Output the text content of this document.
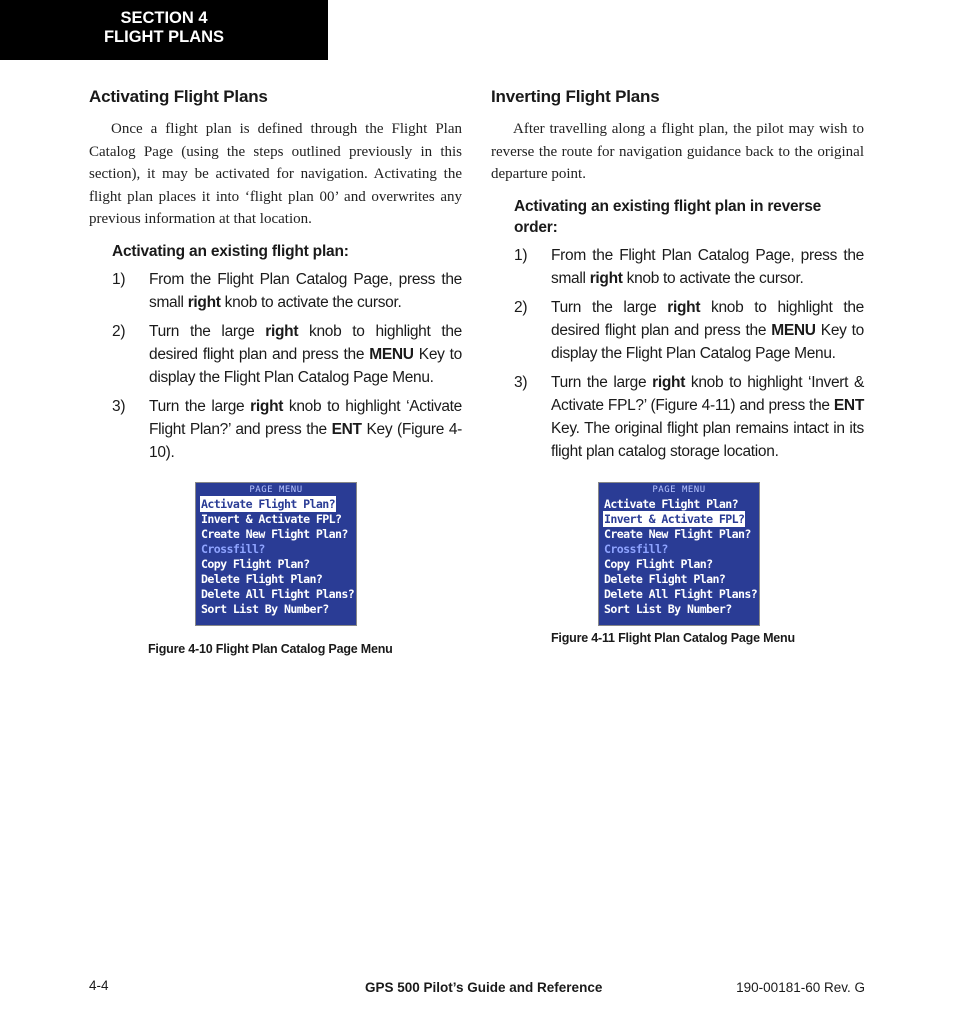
SECTION 4
FLIGHT PLANS
Activating Flight Plans

Once a flight plan is defined through the Flight Plan Catalog Page (using the steps outlined previously in this section), it may be activated for navigation. Activating the flight plan places it into ‘flight plan 00’ and overwrites any previous information at that location.

Activating an existing flight plan:
1) From the Flight Plan Catalog Page, press the small right knob to activate the cursor.
2) Turn the large right knob to highlight the desired flight plan and press the MENU Key to display the Flight Plan Catalog Page Menu.
3) Turn the large right knob to highlight ‘Activate Flight Plan?’ and press the ENT Key (Figure 4-10).
Inverting Flight Plans

After travelling along a flight plan, the pilot may wish to reverse the route for navigation guidance back to the original departure point.

Activating an existing flight plan in reverse order:
1) From the Flight Plan Catalog Page, press the small right knob to activate the cursor.
2) Turn the large right knob to highlight the desired flight plan and press the MENU Key to display the Flight Plan Catalog Page Menu.
3) Turn the large right knob to highlight ‘Invert & Activate FPL?’ (Figure 4-11) and press the ENT Key. The original flight plan remains intact in its flight plan catalog storage location.
PAGE MENU
Activate Flight Plan?
Invert & Activate FPL?
Create New Flight Plan?
Crossfill?
Copy Flight Plan?
Delete Flight Plan?
Delete All Flight Plans?
Sort List By Number?
Figure 4-10 Flight Plan Catalog Page Menu
PAGE MENU
Activate Flight Plan?
Invert & Activate FPL?
Create New Flight Plan?
Crossfill?
Copy Flight Plan?
Delete Flight Plan?
Delete All Flight Plans?
Sort List By Number?
Figure 4-11 Flight Plan Catalog Page Menu
4-4	GPS 500 Pilot’s Guide and Reference	190-00181-60 Rev. G
